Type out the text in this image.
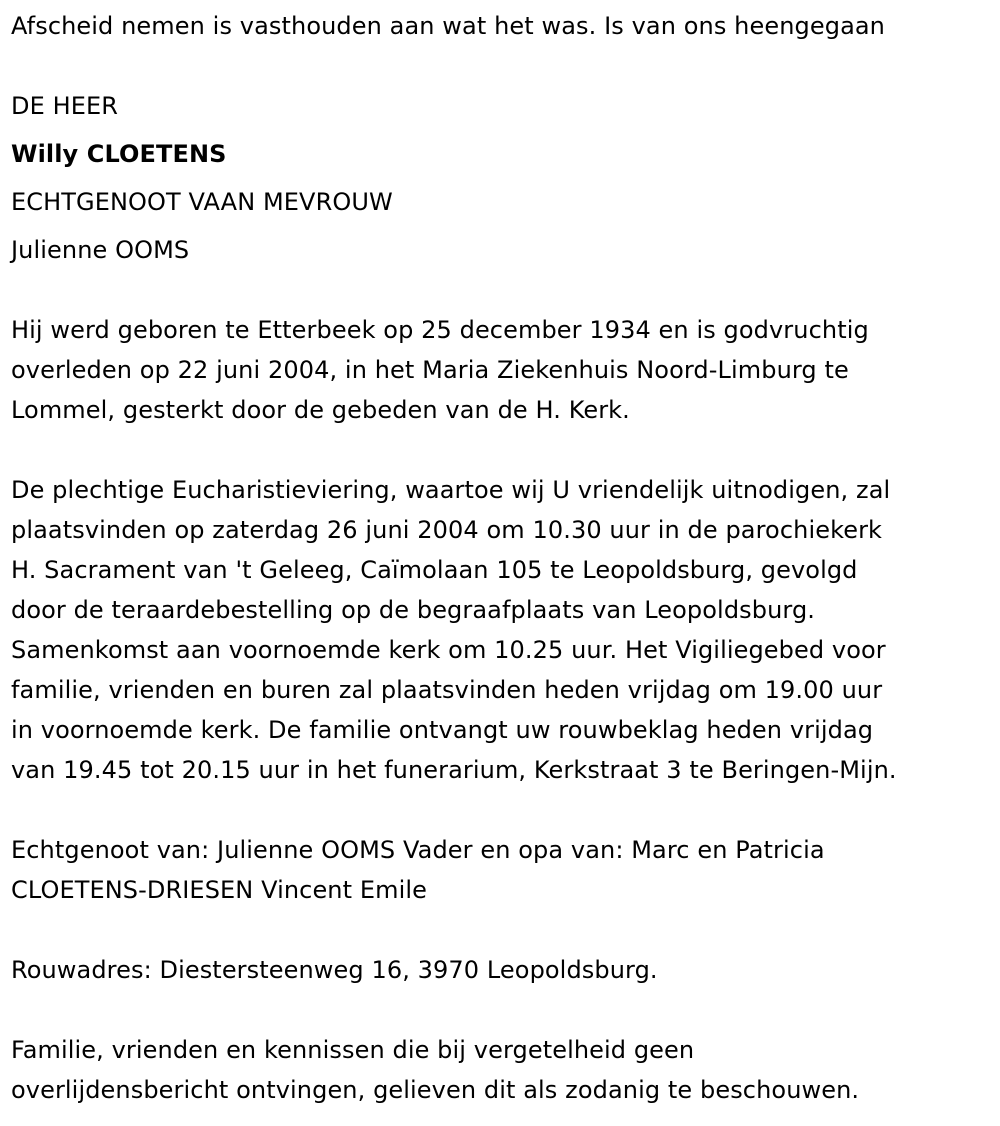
Afscheid nemen is vasthouden aan wat het was. Is van ons heengegaan

DE HEER

Willy CLOETENS

ECHTGENOOT VAAN MEVROUW

Julienne OOMS

Hij werd geboren te Etterbeek op 25 december 1934 en is godvruchtig
overleden op 22 juni 2004, in het Maria Ziekenhuis Noord-Limburg te
Lommel, gesterkt door de gebeden van de H. Kerk.

De plechtige Eucharistieviering, waartoe wij U vriendelijk uitnodigen, zal
plaatsvinden op zaterdag 26 juni 2004 om 10.30 uur in de parochiekerk
H. Sacrament van 't Geleeg, Caïmolaan 105 te Leopoldsburg, gevolgd
door de teraardebestelling op de begraafplaats van Leopoldsburg.
Samenkomst aan voornoemde kerk om 10.25 uur. Het Vigiliegebed voor
familie, vrienden en buren zal plaatsvinden heden vrijdag om 19.00 uur
in voornoemde kerk. De familie ontvangt uw rouwbeklag heden vrijdag
van 19.45 tot 20.15 uur in het funerarium, Kerkstraat 3 te Beringen-Mijn.

Echtgenoot van: Julienne OOMS Vader en opa van: Marc en Patricia
CLOETENS-DRIESEN Vincent Emile

Rouwadres: Diestersteenweg 16, 3970 Leopoldsburg.

Familie, vrienden en kennissen die bij vergetelheid geen
overlijdensbericht ontvingen, gelieven dit als zodanig te beschouwen.
